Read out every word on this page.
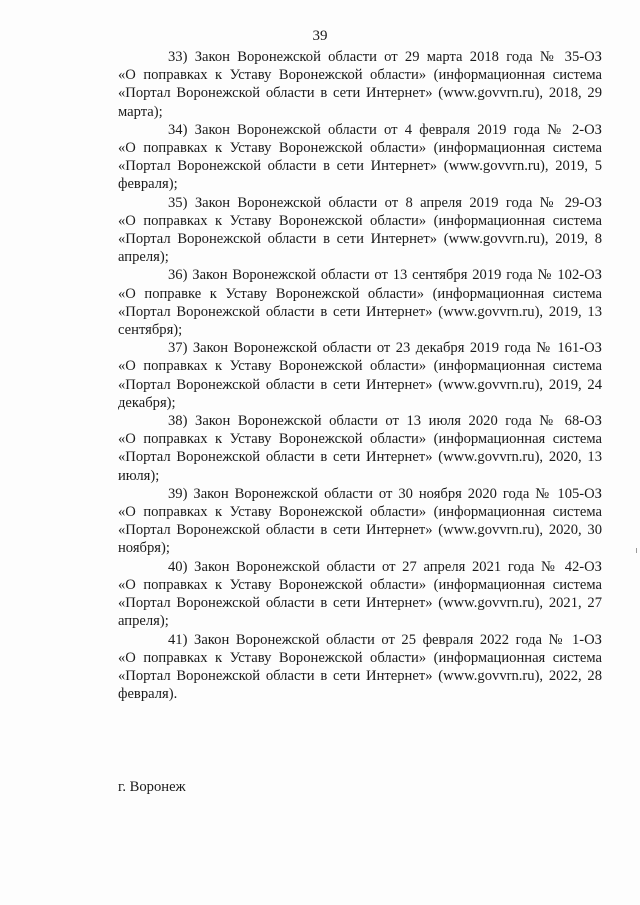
39
33) Закон Воронежской области от 29 марта 2018 года № 35-ОЗ
«О поправках к Уставу Воронежской области» (информационная система «Портал Воронежской области в сети Интернет» (www.govvrn.ru), 2018, 29 марта);
34) Закон Воронежской области от 4 февраля 2019 года № 2-ОЗ
«О поправках к Уставу Воронежской области» (информационная система «Портал Воронежской области в сети Интернет» (www.govvrn.ru), 2019, 5 февраля);
35) Закон Воронежской области от 8 апреля 2019 года № 29-ОЗ
«О поправках к Уставу Воронежской области» (информационная система «Портал Воронежской области в сети Интернет» (www.govvrn.ru), 2019, 8 апреля);
36) Закон Воронежской области от 13 сентября 2019 года № 102-ОЗ
«О поправке к Уставу Воронежской области» (информационная система «Портал Воронежской области в сети Интернет» (www.govvrn.ru), 2019, 13 сентября);
37) Закон Воронежской области от 23 декабря 2019 года № 161-ОЗ
«О поправках к Уставу Воронежской области» (информационная система «Портал Воронежской области в сети Интернет» (www.govvrn.ru), 2019, 24 декабря);
38) Закон Воронежской области от 13 июля 2020 года № 68-ОЗ
«О поправках к Уставу Воронежской области» (информационная система «Портал Воронежской области в сети Интернет» (www.govvrn.ru), 2020, 13 июля);
39) Закон Воронежской области от 30 ноября 2020 года № 105-ОЗ
«О поправках к Уставу Воронежской области» (информационная система «Портал Воронежской области в сети Интернет» (www.govvrn.ru), 2020, 30 ноября);
40) Закон Воронежской области от 27 апреля 2021 года № 42-ОЗ
«О поправках к Уставу Воронежской области» (информационная система «Портал Воронежской области в сети Интернет» (www.govvrn.ru), 2021, 27 апреля);
41) Закон Воронежской области от 25 февраля 2022 года № 1-ОЗ
«О поправках к Уставу Воронежской области» (информационная система «Портал Воронежской области в сети Интернет» (www.govvrn.ru), 2022, 28 февраля).
г. Воронеж
